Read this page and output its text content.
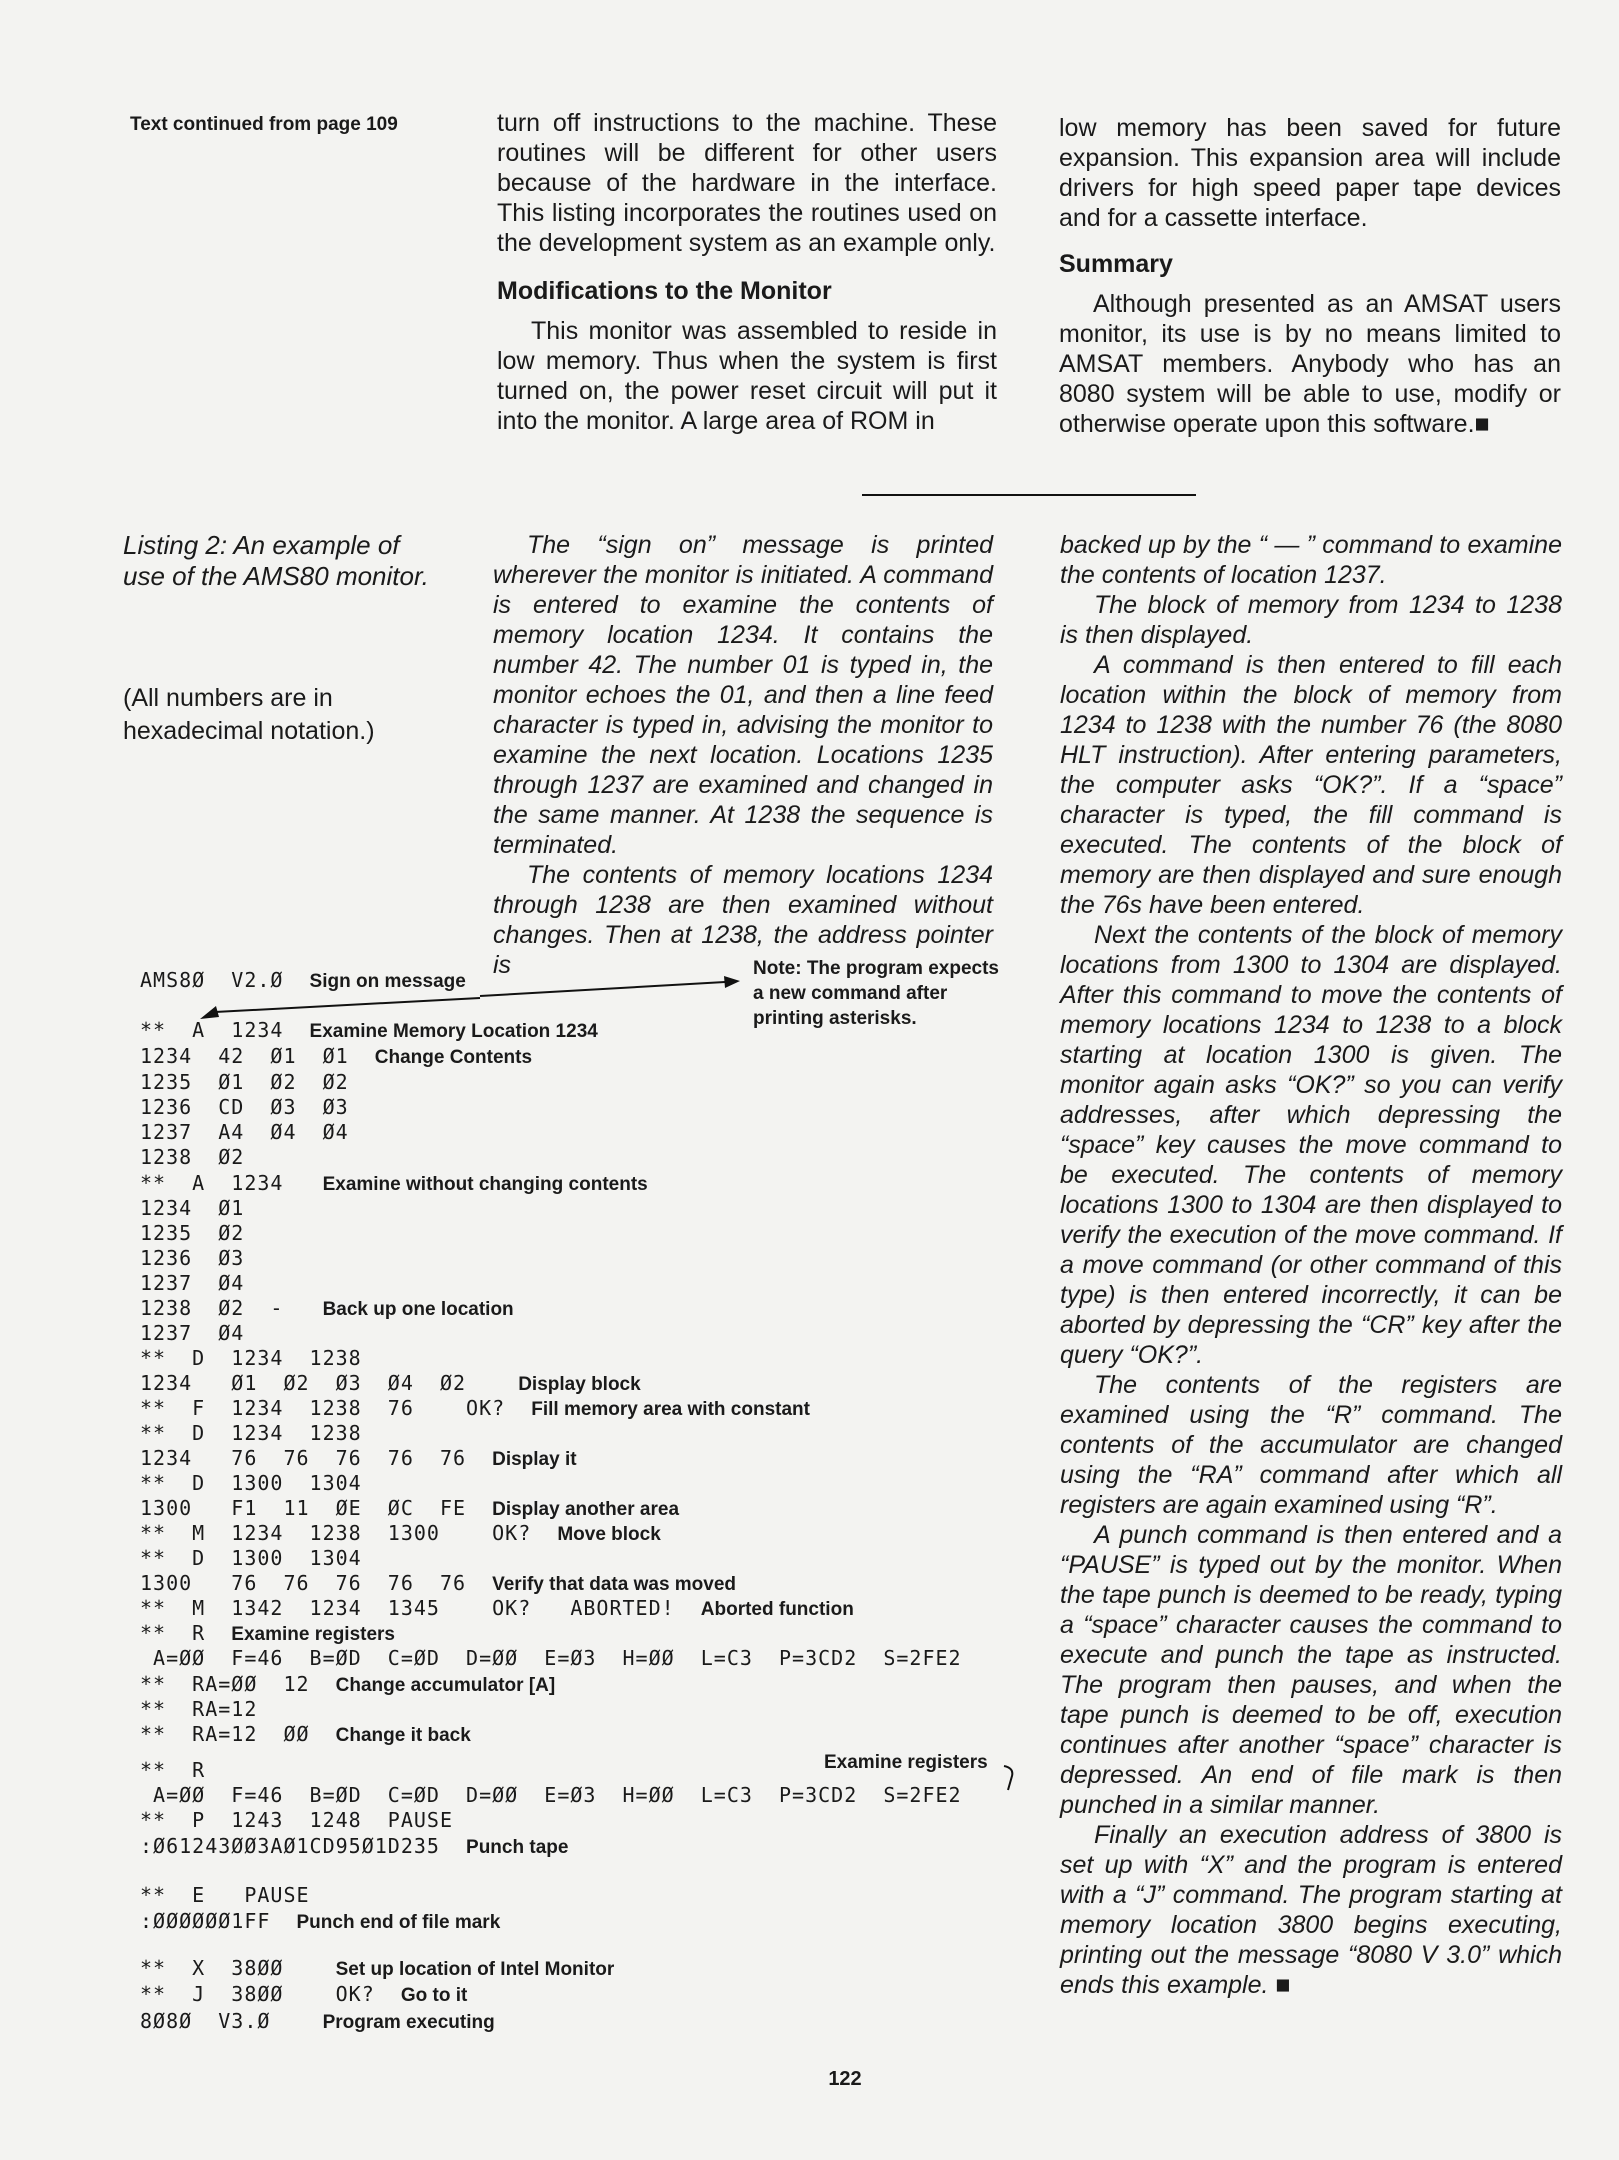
Text continued from page 109	turn off instructions to the machine. These routines will be different for other users because of the hardware in the interface. This listing incorporates the routines used on the development system as an example only.

Modifications to the Monitor

This monitor was assembled to reside in low memory. Thus when the system is first turned on, the power reset circuit will put it into the monitor. A large area of ROM in

low memory has been saved for future expansion. This expansion area will include drivers for high speed paper tape devices and for a cassette interface.

Summary

Although presented as an AMSAT users monitor, its use is by no means limited to AMSAT members. Anybody who has an 8080 system will be able to use, modify or otherwise operate upon this software.■

Listing 2: An example of use of the AMS80 monitor.
(All numbers are in hexadecimal notation.)

The “sign on” message is printed wherever the monitor is initiated. A command is entered to examine the contents of memory location 1234. It contains the number 42. The number 01 is typed in, the monitor echoes the 01, and then a line feed character is typed in, advising the monitor to examine the next location. Locations 1235 through 1237 are examined and changed in the same manner. At 1238 the sequence is terminated.

The contents of memory locations 1234 through 1238 are then examined without changes. Then at 1238, the address pointer is

backed up by the “ — ” command to examine the contents of location 1237.

The block of memory from 1234 to 1238 is then displayed.

A command is then entered to fill each location within the block of memory from 1234 to 1238 with the number 76 (the 8080 HLT instruction). After entering parameters, the computer asks “OK?”. If a “space” character is typed, the fill command is executed. The contents of the block of memory are then displayed and sure enough the 76s have been entered.

Next the contents of the block of memory locations from 1300 to 1304 are displayed. After this command to move the contents of memory locations 1234 to 1238 to a block starting at location 1300 is given. The monitor again asks “OK?” so you can verify addresses, after which depressing the “space” key causes the move command to be executed. The contents of memory locations 1300 to 1304 are then displayed to verify the execution of the move command. If a move command (or other command of this type) is then entered incorrectly, it can be aborted by depressing the “CR” key after the query “OK?”.

The contents of the registers are examined using the “R” command. The contents of the accumulator are changed using the “RA” command after which all registers are again examined using “R”.

A punch command is then entered and a “PAUSE” is typed out by the monitor. When the tape punch is deemed to be ready, typing a “space” character causes the command to execute and punch the tape as instructed. The program then pauses, and when the tape punch is deemed to be off, execution continues after another “space” character is depressed. An end of file mark is then punched in a similar manner.

Finally an execution address of 3800 is set up with “X” and the program is entered with a “J” command. The program starting at memory location 3800 begins executing, printing out the message “8080 V 3.0” which ends this example. ■

Note: The program expects a new command after printing asterisks.
AMS8Ø  V2.Ø  Sign on message
**  A  1234  Examine Memory Location 1234
1234  42  Ø1  Ø1  Change Contents
1235  Ø1  Ø2  Ø2
1236  CD  Ø3  Ø3
1237  A4  Ø4  Ø4
1238  Ø2
**  A  1234   Examine without changing contents
1234  Ø1
1235  Ø2
1236  Ø3
1237  Ø4
1238  Ø2  -   Back up one location
1237  Ø4
**  D  1234  1238
1234   Ø1  Ø2  Ø3  Ø4  Ø2    Display block
**  F  1234  1238  76    OK?  Fill memory area with constant
**  D  1234  1238
1234   76  76  76  76  76  Display it
**  D  1300  1304
1300   F1  11  ØE  ØC  FE  Display another area
**  M  1234  1238  1300    OK?  Move block
**  D  1300  1304
1300   76  76  76  76  76  Verify that data was moved
**  M  1342  1234  1345    OK?   ABORTED!  Aborted function
**  R  Examine registers
A=ØØ  F=46  B=ØD  C=ØD  D=ØØ  E=Ø3  H=ØØ  L=C3  P=3CD2  S=2FE2
**  RA=ØØ  12  Change accumulator [A]
**  RA=12
**  RA=12  ØØ  Change it back
**  R
A=ØØ  F=46  B=ØD  C=ØD  D=ØØ  E=Ø3  H=ØØ  L=C3  P=3CD2  S=2FE2
**  P  1243  1248  PAUSE
:Ø61243ØØ3AØ1CD95Ø1D235  Punch tape
**  E   PAUSE
:ØØØØØØ1FF  Punch end of file mark
**  X  38ØØ    Set up location of Intel Monitor
**  J  38ØØ    OK?  Go to it
8Ø8Ø  V3.Ø    Program executing
Examine registers
122
